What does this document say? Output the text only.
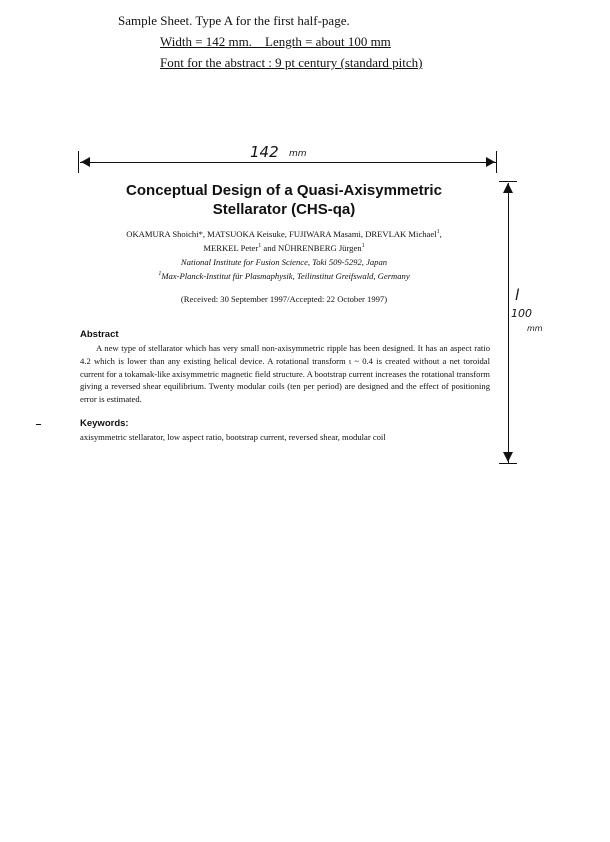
Sample Sheet. Type A for the first half-page.
Width = 142 mm.    Length = about 100 mm
Font for the abstract : 9 pt century (standard pitch)
142 mm
l
100
mm
Conceptual Design of a Quasi-Axisymmetric
Stellarator (CHS-qa)
OKAMURA Shoichi*, MATSUOKA Keisuke, FUJIWARA Masami, DREVLAK Michael$^1$,
MERKEL Peter$^1$ and NÜHRENBERG Jürgen$^1$
National Institute for Fusion Science, Toki 509-5292, Japan
$^1$Max-Planck-Institut für Plasmaphysik, Teilinstitut Greifswald, Germany
(Received: 30 September 1997/Accepted: 22 October 1997)
Abstract
A new type of stellarator which has very small non-axisymmetric ripple has been designed. It has an aspect ratio 4.2 which is lower than any existing helical device. A rotational transform ι ~ 0.4 is created without a net toroidal current for a tokamak-like axisymmetric magnetic field structure. A bootstrap current increases the rotational transform giving a reversed shear equilibrium. Twenty modular coils (ten per period) are designed and the effect of positioning error is estimated.
Keywords:
axisymmetric stellarator, low aspect ratio, bootstrap current, reversed shear, modular coil
